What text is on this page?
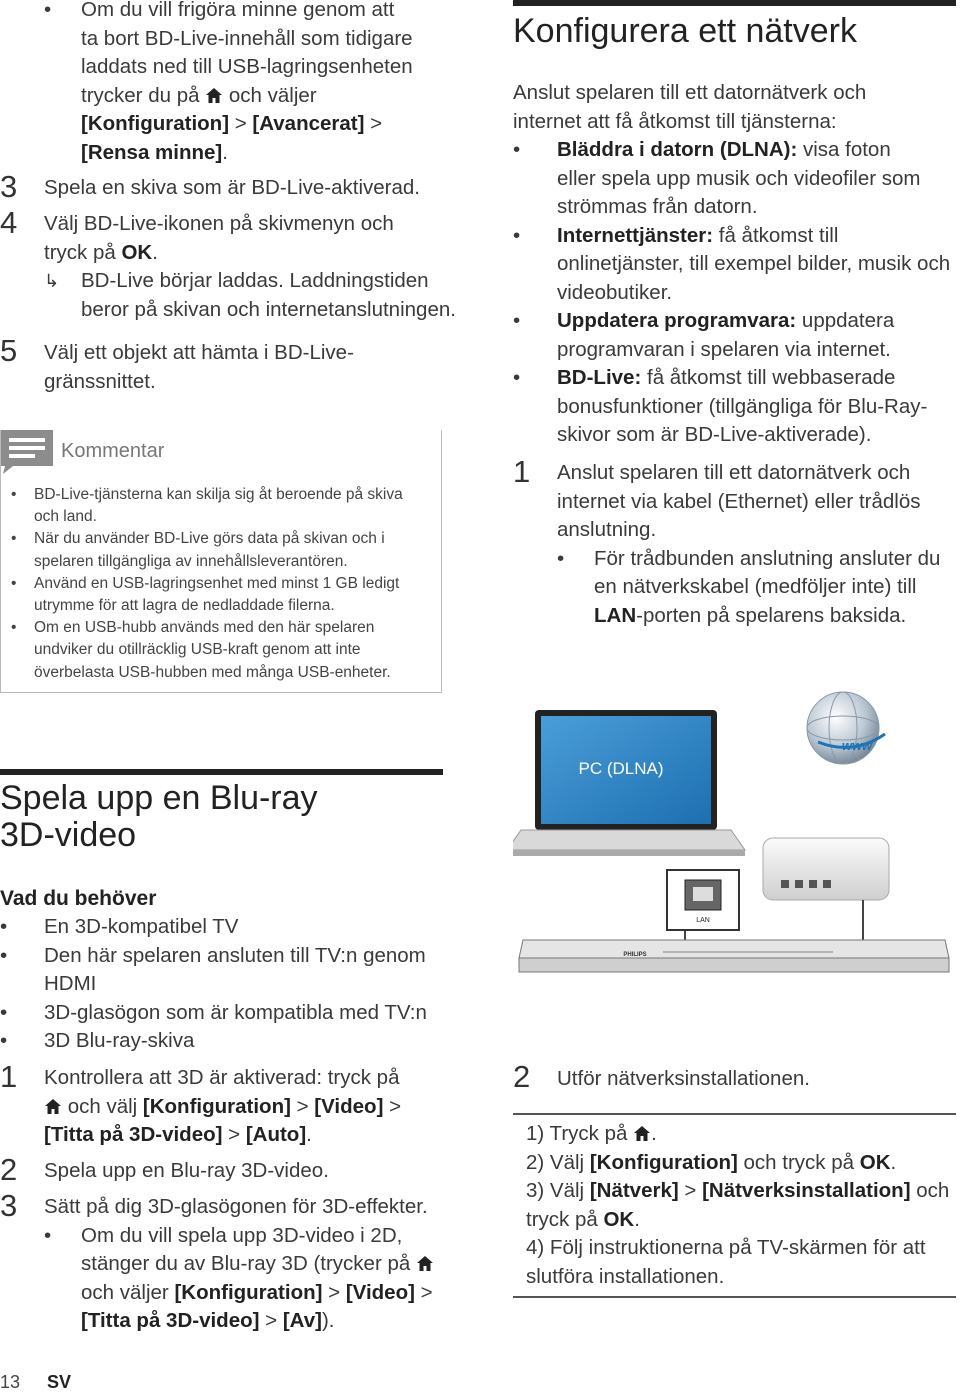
• Om du vill frigöra minne genom att
ta bort BD-Live-innehåll som tidigare
laddats ned till USB-lagringsenheten
trycker du på  och väljer
[Konfiguration] > [Avancerat] >
[Rensa minne].
3 Spela en skiva som är BD-Live-aktiverad.
4 Välj BD-Live-ikonen på skivmenyn och
tryck på OK.
↳ BD-Live börjar laddas. Laddningstiden
beror på skivan och internetanslutningen.
5 Välj ett objekt att hämta i BD-Live-
gränssnittet.
Kommentar
• BD-Live-tjänsterna kan skilja sig åt beroende på skiva
och land.
• När du använder BD-Live görs data på skivan och i
spelaren tillgängliga av innehållsleverantören.
• Använd en USB-lagringsenhet med minst 1 GB ledigt
utrymme för att lagra de nedladdade filerna.
• Om en USB-hubb används med den här spelaren
undviker du otillräcklig USB-kraft genom att inte
överbelasta USB-hubben med många USB-enheter.
Spela upp en Blu-ray
3D-video
Vad du behöver
• En 3D-kompatibel TV
• Den här spelaren ansluten till TV:n genom
HDMI
• 3D-glasögon som är kompatibla med TV:n
• 3D Blu-ray-skiva
1 Kontrollera att 3D är aktiverad: tryck på
och välj [Konfiguration] > [Video] >
[Titta på 3D-video] > [Auto].
2 Spela upp en Blu-ray 3D-video.
3 Sätt på dig 3D-glasögonen för 3D-effekter.
• Om du vill spela upp 3D-video i 2D,
stänger du av Blu-ray 3D (trycker på
och väljer [Konfiguration] > [Video] >
[Titta på 3D-video] > [Av]).
13 SV
Konfigurera ett nätverk
Anslut spelaren till ett datornätverk och
internet att få åtkomst till tjänsterna:
• Bläddra i datorn (DLNA): visa foton
eller spela upp musik och videofiler som
strömmas från datorn.
• Internettjänster: få åtkomst till
onlinetjänster, till exempel bilder, musik och
videobutiker.
• Uppdatera programvara: uppdatera
programvaran i spelaren via internet.
• BD-Live: få åtkomst till webbaserade
bonusfunktioner (tillgängliga för Blu-Ray-
skivor som är BD-Live-aktiverade).
1 Anslut spelaren till ett datornätverk och
internet via kabel (Ethernet) eller trådlös
anslutning.
• För trådbunden anslutning ansluter du
en nätverkskabel (medföljer inte) till
LAN-porten på spelarens baksida.
PC (DLNA)
www
LAN
PHILIPS
2 Utför nätverksinstallationen.
1) Tryck på .
2) Välj [Konfiguration] och tryck på OK.
3) Välj [Nätverk] > [Nätverksinstallation] och
tryck på OK.
4) Följ instruktionerna på TV-skärmen för att
slutföra installationen.
